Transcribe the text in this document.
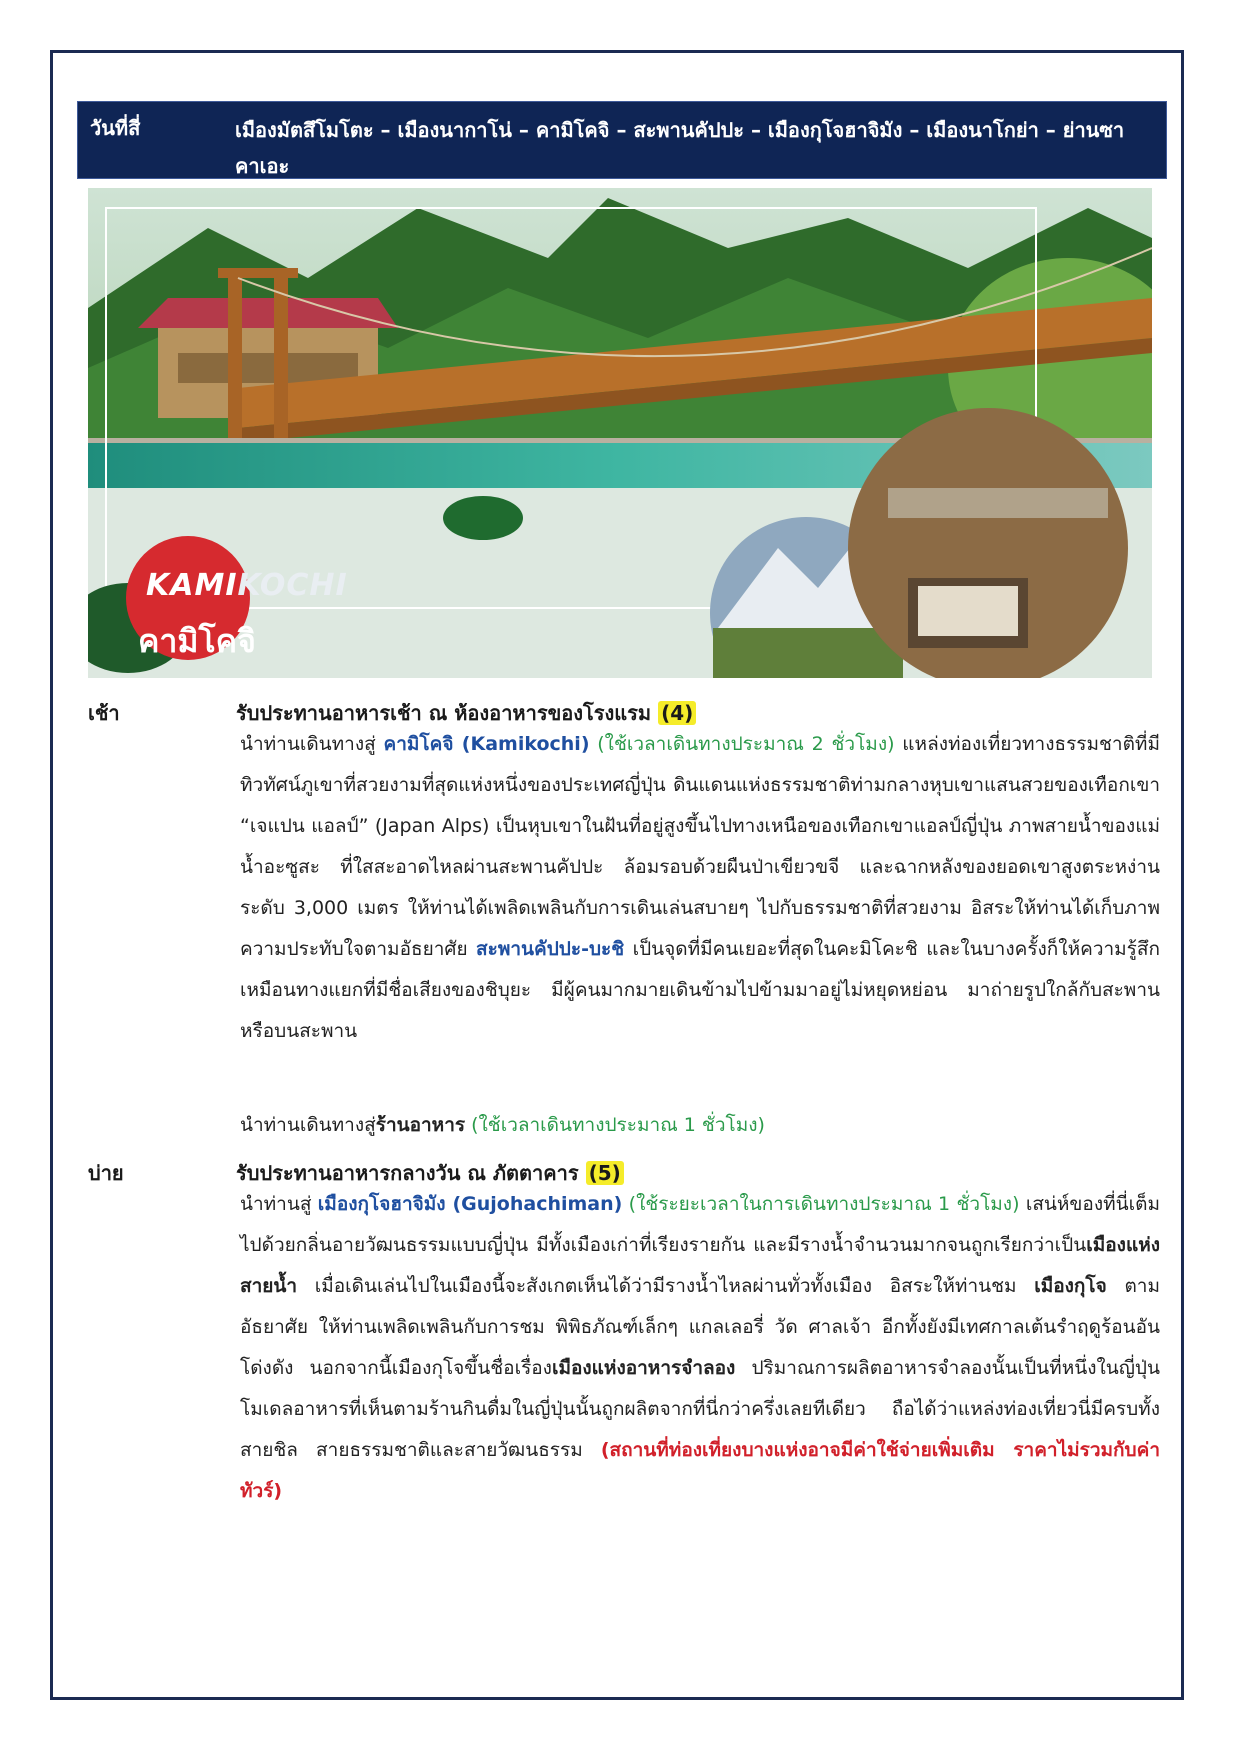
วันที่สี่	เมืองมัตสึโมโตะ – เมืองนากาโน่ – คามิโคจิ – สะพานคัปปะ – เมืองกุโจฮาจิมัง – เมืองนาโกย่า – ย่านซาคาเอะ
KAMIKOCHI
คามิโคจิ
เช้า	รับประทานอาหารเช้า ณ ห้องอาหารของโรงแรม (4)
นำท่านเดินทางสู่ คามิโคจิ (Kamikochi) (ใช้เวลาเดินทางประมาณ 2 ชั่วโมง) แหล่งท่องเที่ยวทางธรรมชาติที่มีทิวทัศน์ภูเขาที่สวยงามที่สุดแห่งหนึ่งของประเทศญี่ปุ่น ดินแดนแห่งธรรมชาติท่ามกลางหุบเขาแสนสวยของเทือกเขา “เจแปน แอลป์” (Japan Alps) เป็นหุบเขาในฝันที่อยู่สูงขึ้นไปทางเหนือของเทือกเขาแอลป์ญี่ปุ่น ภาพสายน้ำของแม่น้ำอะซูสะ ที่ใสสะอาดไหลผ่านสะพานคัปปะ ล้อมรอบด้วยผืนป่าเขียวขจี และฉากหลังของยอดเขาสูงตระหง่านระดับ 3,000 เมตร ให้ท่านได้เพลิดเพลินกับการเดินเล่นสบายๆ ไปกับธรรมชาติที่สวยงาม อิสระให้ท่านได้เก็บภาพความประทับใจตามอัธยาศัย สะพานคัปปะ-บะชิ เป็นจุดที่มีคนเยอะที่สุดในคะมิโคะชิ และในบางครั้งก็ให้ความรู้สึกเหมือนทางแยกที่มีชื่อเสียงของชิบุยะ มีผู้คนมากมายเดินข้ามไปข้ามมาอยู่ไม่หยุดหย่อน มาถ่ายรูปใกล้กับสะพานหรือบนสะพาน
นำท่านเดินทางสู่ร้านอาหาร (ใช้เวลาเดินทางประมาณ 1 ชั่วโมง)
บ่าย	รับประทานอาหารกลางวัน ณ ภัตตาคาร (5)
นำท่านสู่ เมืองกุโจฮาจิมัง (Gujohachiman) (ใช้ระยะเวลาในการเดินทางประมาณ 1 ชั่วโมง) เสน่ห์ของที่นี่เต็มไปด้วยกลิ่นอายวัฒนธรรมแบบญี่ปุ่น มีทั้งเมืองเก่าที่เรียงรายกัน และมีรางน้ำจำนวนมากจนถูกเรียกว่าเป็นเมืองแห่งสายน้ำ เมื่อเดินเล่นไปในเมืองนี้จะสังเกตเห็นได้ว่ามีรางน้ำไหลผ่านทั่วทั้งเมือง อิสระให้ท่านชม เมืองกุโจ ตามอัธยาศัย ให้ท่านเพลิดเพลินกับการชม พิพิธภัณฑ์เล็กๆ แกลเลอรี่ วัด ศาลเจ้า อีกทั้งยังมีเทศกาลเต้นรำฤดูร้อนอันโด่งดัง นอกจากนี้เมืองกุโจขึ้นชื่อเรื่องเมืองแห่งอาหารจำลอง ปริมาณการผลิตอาหารจำลองนั้นเป็นที่หนึ่งในญี่ปุ่น โมเดลอาหารที่เห็นตามร้านกินดื่มในญี่ปุ่นนั้นถูกผลิตจากที่นี่กว่าครึ่งเลยทีเดียว ถือได้ว่าแหล่งท่องเที่ยวนี่มีครบทั้งสายชิล สายธรรมชาติและสายวัฒนธรรม (สถานที่ท่องเที่ยงบางแห่งอาจมีค่าใช้จ่ายเพิ่มเติม ราคาไม่รวมกับค่าทัวร์)
